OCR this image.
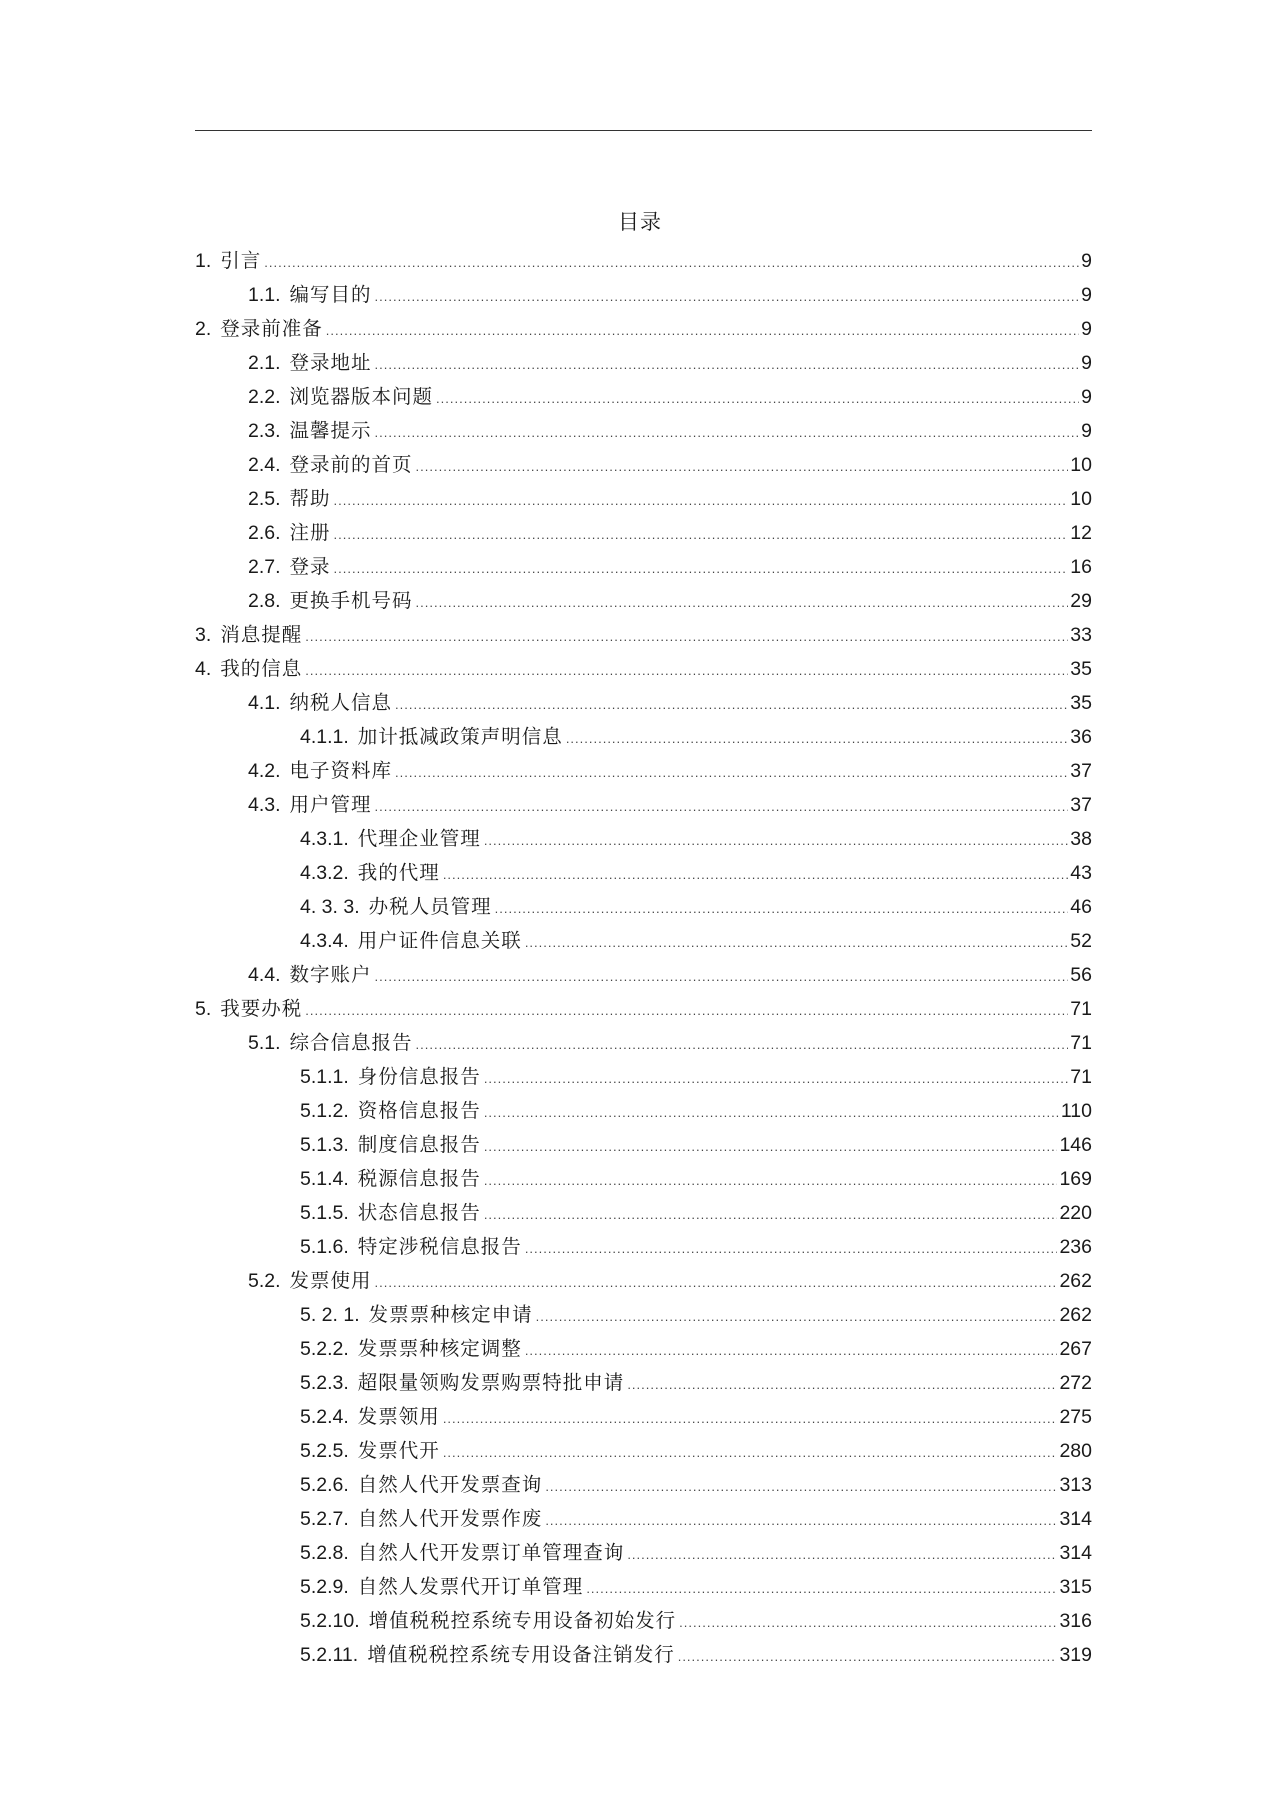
目录
1. 引言 .....	9
1.1. 编写目的 .....	9
2. 登录前准备 .....	9
2.1. 登录地址 .....	9
2.2. 浏览器版本问题 .....	9
2.3. 温馨提示 .....	9
2.4. 登录前的首页 .....	10
2.5. 帮助 .....	10
2.6. 注册 .....	12
2.7. 登录 .....	16
2.8. 更换手机号码 .....	29
3. 消息提醒 .....	33
4. 我的信息 .....	35
4.1. 纳税人信息 .....	35
4.1.1. 加计抵减政策声明信息 .....	36
4.2. 电子资料库 .....	37
4.3. 用户管理 .....	37
4.3.1. 代理企业管理 .....	38
4.3.2. 我的代理 .....	43
4. 3. 3. 办税人员管理 .....	46
4.3.4. 用户证件信息关联 .....	52
4.4. 数字账户 .....	56
5. 我要办税 .....	71
5.1. 综合信息报告 .....	71
5.1.1. 身份信息报告 .....	71
5.1.2. 资格信息报告 .....	110
5.1.3. 制度信息报告 .....	146
5.1.4. 税源信息报告 .....	169
5.1.5. 状态信息报告 .....	220
5.1.6. 特定涉税信息报告 .....	236
5.2. 发票使用 .....	262
5. 2. 1. 发票票种核定申请 .....	262
5.2.2. 发票票种核定调整 .....	267
5.2.3. 超限量领购发票购票特批申请 .....	272
5.2.4. 发票领用 .....	275
5.2.5. 发票代开 .....	280
5.2.6. 自然人代开发票查询 .....	313
5.2.7. 自然人代开发票作废 .....	314
5.2.8. 自然人代开发票订单管理查询 .....	314
5.2.9. 自然人发票代开订单管理 .....	315
5.2.10. 增值税税控系统专用设备初始发行 .....	316
5.2.11. 增值税税控系统专用设备注销发行 .....	319
